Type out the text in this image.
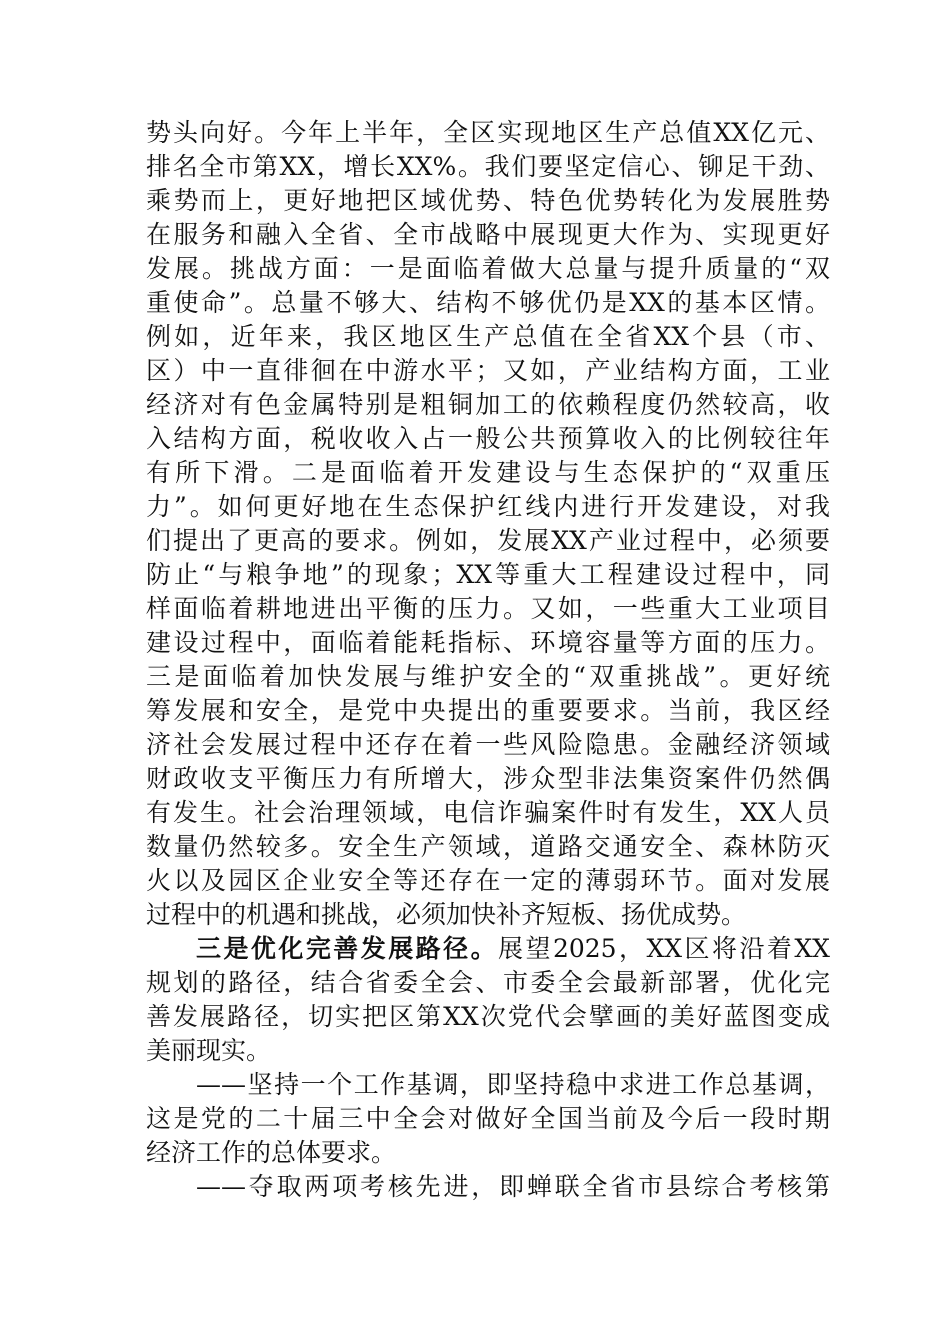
势头向好。今年上半年，全区实现地区生产总值XX亿元、
排名全市第XX，增长XX%。我们要坚定信心、铆足干劲、
乘势而上，更好地把区域优势、特色优势转化为发展胜势
在服务和融入全省、全市战略中展现更大作为、实现更好
发展。挑战方面：一是面临着做大总量与提升质量的“双
重使命”。总量不够大、结构不够优仍是XX的基本区情。
例如，近年来，我区地区生产总值在全省XX个县（市、
区）中一直徘徊在中游水平；又如，产业结构方面，工业
经济对有色金属特别是粗铜加工的依赖程度仍然较高，收
入结构方面，税收收入占一般公共预算收入的比例较往年
有所下滑。二是面临着开发建设与生态保护的“双重压
力”。如何更好地在生态保护红线内进行开发建设，对我
们提出了更高的要求。例如，发展XX产业过程中，必须要
防止“与粮争地”的现象；XX等重大工程建设过程中，同
样面临着耕地进出平衡的压力。又如，一些重大工业项目
建设过程中，面临着能耗指标、环境容量等方面的压力。
三是面临着加快发展与维护安全的“双重挑战”。更好统
筹发展和安全，是党中央提出的重要要求。当前，我区经
济社会发展过程中还存在着一些风险隐患。金融经济领域
财政收支平衡压力有所增大，涉众型非法集资案件仍然偶
有发生。社会治理领域，电信诈骗案件时有发生，XX人员
数量仍然较多。安全生产领域，道路交通安全、森林防灭
火以及园区企业安全等还存在一定的薄弱环节。面对发展
过程中的机遇和挑战，必须加快补齐短板、扬优成势。
三是优化完善发展路径。展望2025，XX区将沿着XX
规划的路径，结合省委全会、市委全会最新部署，优化完
善发展路径，切实把区第XX次党代会擘画的美好蓝图变成
美丽现实。
——坚持一个工作基调，即坚持稳中求进工作总基调，
这是党的二十届三中全会对做好全国当前及今后一段时期
经济工作的总体要求。
——夺取两项考核先进，即蝉联全省市县综合考核第
